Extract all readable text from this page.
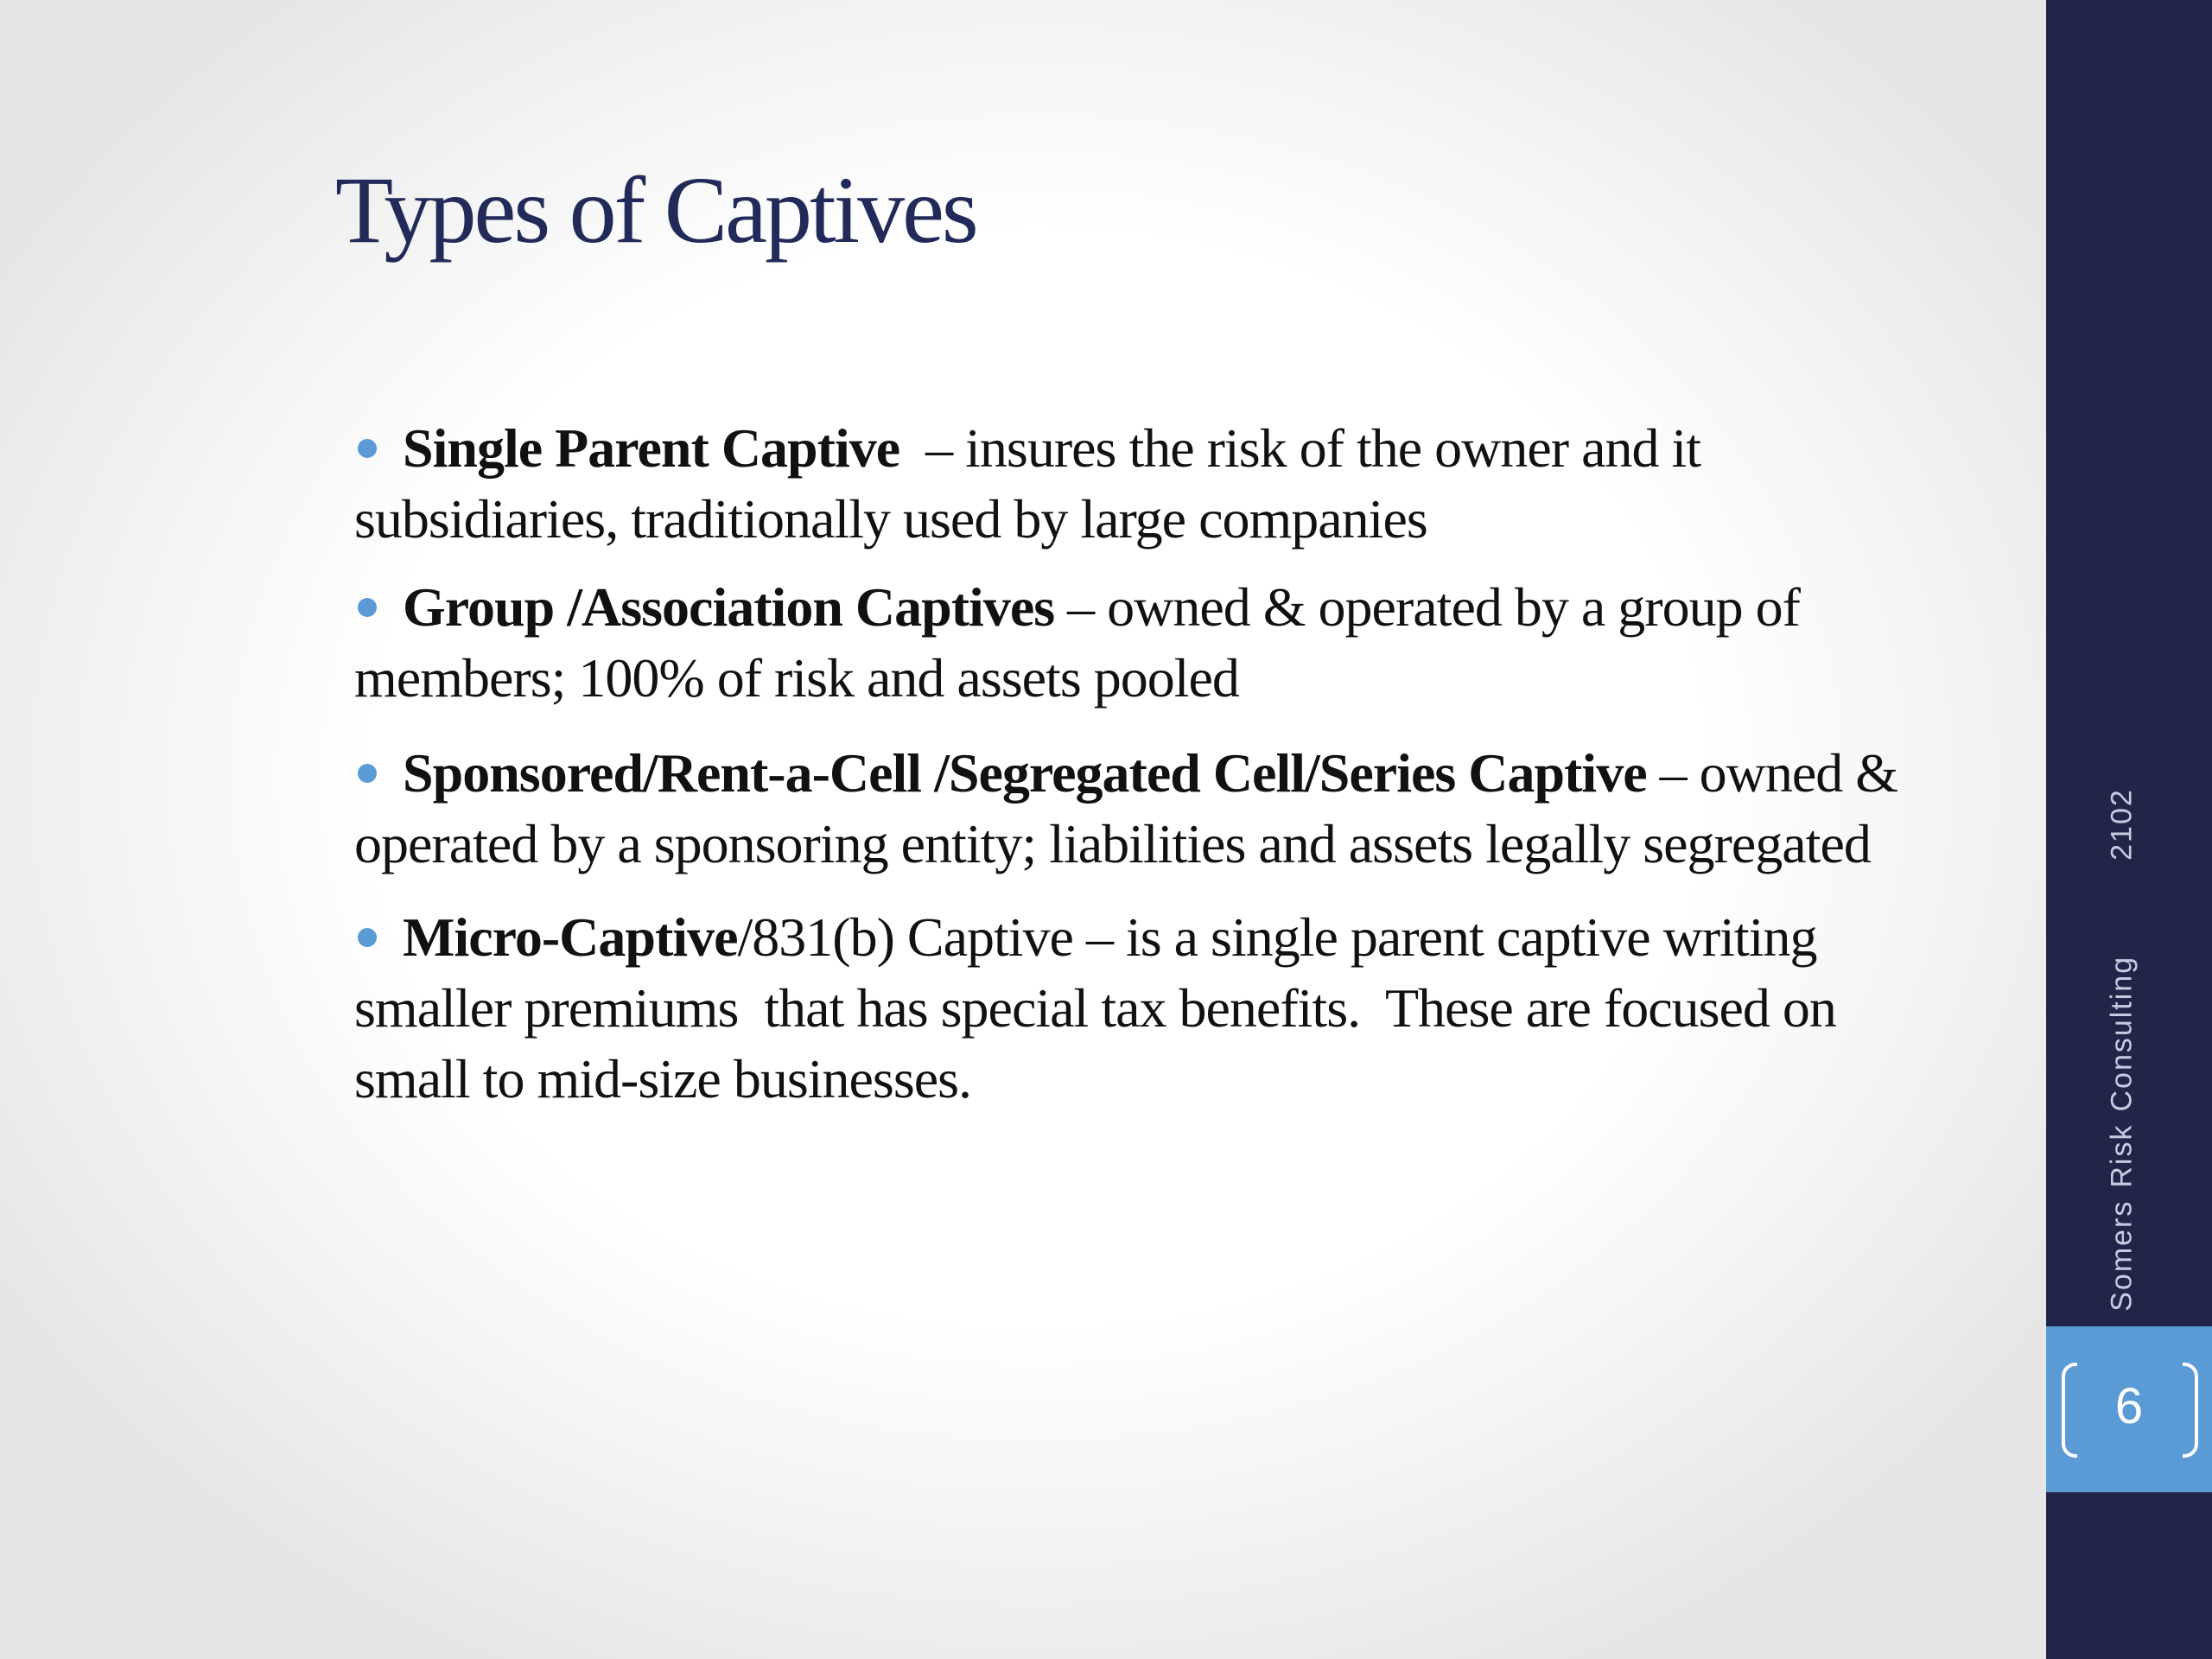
Types of Captives
Single Parent Captive  – insures the risk of the owner and it subsidiaries, traditionally used by large companies
Group /Association Captives – owned & operated by a group of members; 100% of risk and assets pooled
Sponsored/Rent-a-Cell /Segregated Cell/Series Captive – owned & operated by a sponsoring entity; liabilities and assets legally segregated
Micro-Captive/831(b) Captive – is a single parent captive writing smaller premiums  that has special tax benefits.  These are focused on small to mid-size businesses.
SomersRiskConsulting2102
6
